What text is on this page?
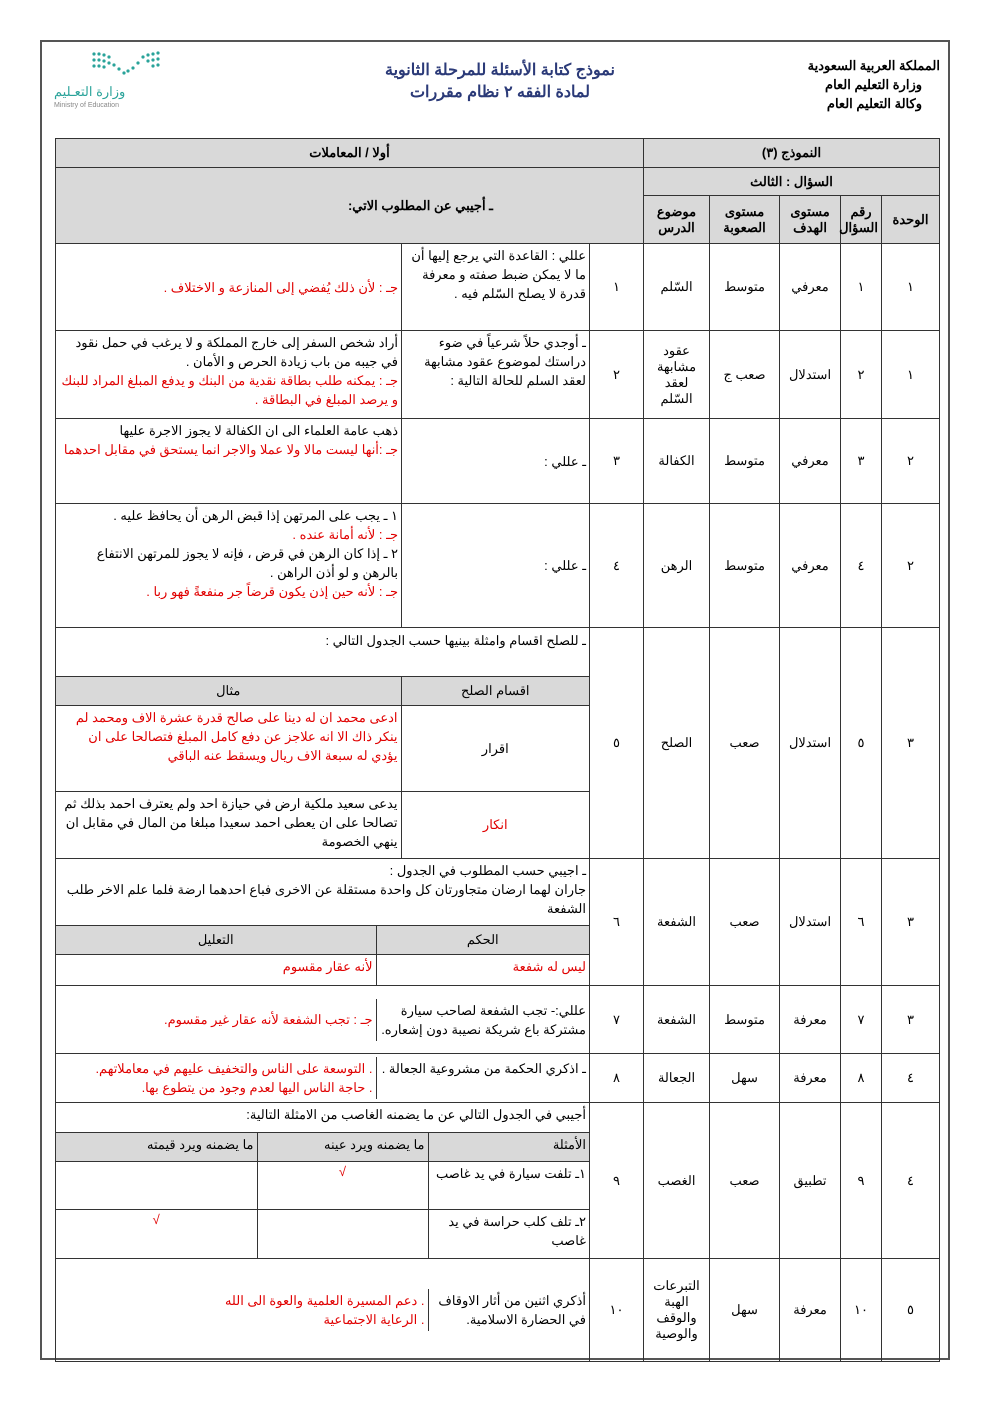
المملكة العربية السعودية
وزارة التعليم العام
وكالة التعليم العام
نموذج كتابة الأسئلة للمرحلة الثانوية
لمادة الفقه ٢ نظام مقررات
وزارة التعـليم
Ministry of Education
النموذج (٣)	أولا / المعاملات
السؤال : الثالث	ـ أجيبي عن المطلوب الاتي:
الوحدة	رقم السؤال	مستوى الهدف	مستوى الصعوبة	موضوع الدرس
١	١	معرفي	متوسط	السّلم	١	عللي : القاعدة التي يرجع إليها أن ما لا يمكن ضبط صفته و معرفة قدرة لا يصلح السّلم فيه .	جـ : لأن ذلك يُفضي إلى المنازعة و الاختلاف .
١	٢	استدلال	صعب ج	عقود مشابهة لعقد السّلم	٢	ـ أوجدي حلاً شرعياً في ضوء دراستك لموضوع عقود مشابهة لعقد السلم للحالة التالية :	
أراد شخص السفر إلى خارج المملكة و لا يرغب في حمل نقود في جيبه من باب زيادة الحرص و الأمان .
جـ : يمكنه طلب بطاقة نقدية من البنك و يدفع المبلغ المراد للبنك و يرصد المبلغ في البطاقة .

٢	٣	معرفي	متوسط	الكفالة	٣	ـ عللي :	
ذهب عامة العلماء الى ان الكفالة لا يجوز الاجرة عليها
جـ :أنها ليست مالا ولا عملا والاجر انما يستحق في مقابل احدهما

٢	٤	معرفي	متوسط	الرهن	٤	ـ عللي :	
١ ـ يجب على المرتهن إذا قبض الرهن أن يحافظ عليه .
جـ : لأنه أمانة عنده .
٢ ـ إذا كان الرهن في قرض ، فإنه لا يجوز للمرتهن الانتفاع بالرهن و لو أذن الراهن .
جـ : لأنه حين إذن يكون قرضاً جر منفعةً فهو ربا .

٣	٥	استدلال	صعب	الصلح	٥	
ـ للصلح اقسام وامثلة بينيها حسب الجدول التالي :
اقسام الصلح	مثال
اقرار	ادعى محمد ان له دينا على صالح قدرة عشرة الاف ومحمد لم ينكر ذاك الا انه علاجز عن دفع كامل المبلغ فتصالحا على ان يؤدي له سبعة الاف ريال ويسقط عنه الباقي
انكار	يدعى سعيد ملكية ارض في حيازة احد ولم يعترف احمد بذلك ثم تصالحا على ان يعطى احمد سعيدا مبلغا من المال في مقابل ان ينهي الخصومة

٣	٦	استدلال	صعب	الشفعة	٦	
ـ اجيبي حسب المطلوب في الجدول :
جاران لهما ارضان متجاورتان كل واحدة مستقلة عن الاخرى فباع احدهما ارضة فلما علم الاخر طلب الشفعة

الحكم	التعليل
ليس له شفعة	لأنه عقار مقسوم

٣	٧	معرفة	متوسط	الشفعة	٧	
عللي:- تجب الشفعة لصاحب سيارة مشتركة باع شريكة نصيبة دون إشعاره.	جـ : تجب الشفعة لأنه عقار غير مقسوم.

٤	٨	معرفة	سهل	الجعالة	٨	
ـ اذكري الحكمة من مشروعية الجعالة .	
. التوسعة على الناس والتخفيف عليهم في معاملاتهم.
. حاجة الناس اليها لعدم وجود من يتطوع بها.

٤	٩	تطبيق	صعب	الغصب	٩	
أجيبي في الجدول التالي عن ما يضمنه الغاصب من الامثلة التالية:
الأمثلة	ما يضمنه ويرد عينه	ما يضمنه ويرد قيمته
١ـ تلفت سيارة في يد غاصب	√	
٢ـ تلف كلب حراسة في يد غاصب		√

٥	١٠	معرفة	سهل	التبرعات الهبة والوقف والوصية	١٠	
أذكري اثنين من أثار الاوقاف في الحضارة الاسلامية.	
. دعم المسيرة العلمية والعوة الى الله
. الرعاية الاجتماعية
